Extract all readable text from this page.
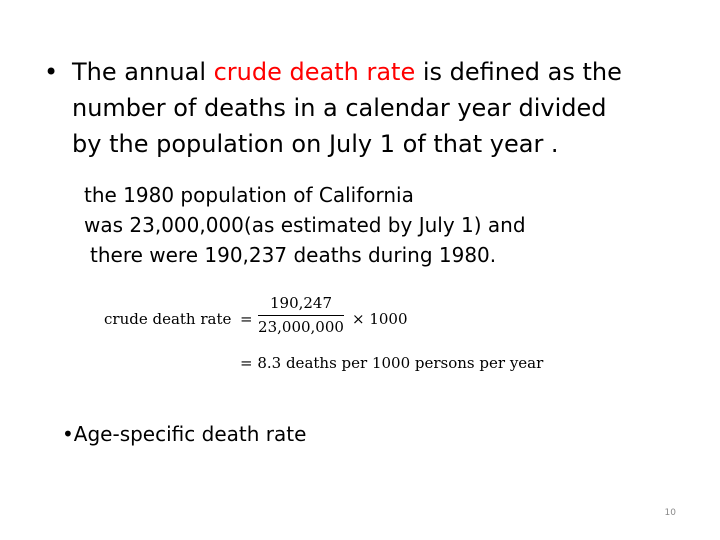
• The annual crude death rate is defined as the
number of deaths in a calendar year divided
by the population on July 1 of that year .
the 1980 population of California
was 23,000,000(as estimated by July 1) and
there were 190,237 deaths during 1980.
crude death rate =
190,247
23,000,000 × 1000
= 8.3 deaths per 1000 persons per year
•Age-specific death rate
10
